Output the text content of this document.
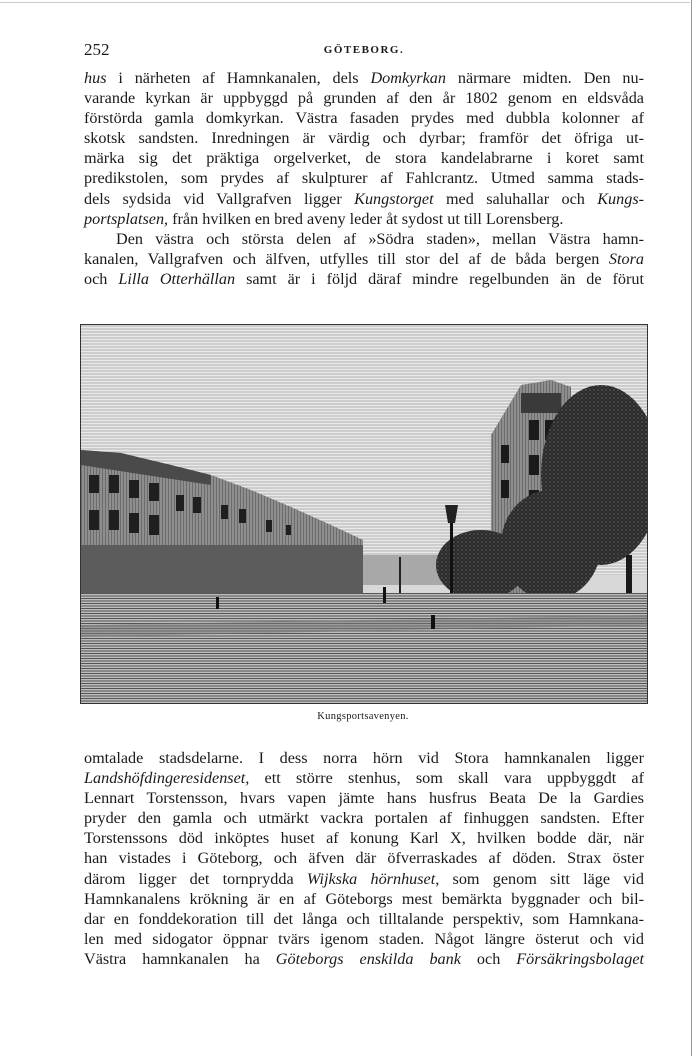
252	GÖTEBORG.
hus i närheten af Hamnkanalen, dels Domkyrkan närmare midten. Den nu-
varande kyrkan är uppbyggd på grunden af den år 1802 genom en eldsvåda
förstörda gamla domkyrkan. Västra fasaden prydes med dubbla kolonner af
skotsk sandsten. Inredningen är värdig och dyrbar; framför det öfriga ut-
märka sig det präktiga orgelverket, de stora kandelabrarne i koret samt
predikstolen, som prydes af skulpturer af Fahlcrantz. Utmed samma stads-
dels sydsida vid Vallgrafven ligger Kungstorget med saluhallar och Kungs-
portsplatsen, från hvilken en bred aveny leder åt sydost ut till Lorensberg.
Den västra och största delen af »Södra staden», mellan Västra hamn-
kanalen, Vallgrafven och älfven, utfylles till stor del af de båda bergen Stora
och Lilla Otterhällan samt är i följd däraf mindre regelbunden än de förut
Kungsportsavenyen.
omtalade stadsdelarne. I dess norra hörn vid Stora hamnkanalen ligger
Landshöfdingeresidenset, ett större stenhus, som skall vara uppbyggdt af
Lennart Torstensson, hvars vapen jämte hans husfrus Beata De la Gardies
pryder den gamla och utmärkt vackra portalen af finhuggen sandsten. Efter
Torstenssons död inköptes huset af konung Karl X, hvilken bodde där, när
han vistades i Göteborg, och äfven där öfverraskades af döden. Strax öster
därom ligger det tornprydda Wijkska hörnhuset, som genom sitt läge vid
Hamnkanalens krökning är en af Göteborgs mest bemärkta byggnader och bil-
dar en fonddekoration till det långa och tilltalande perspektiv, som Hamnkana-
len med sidogator öppnar tvärs igenom staden. Något längre österut och vid
Västra hamnkanalen ha Göteborgs enskilda bank och Försäkringsbolaget
